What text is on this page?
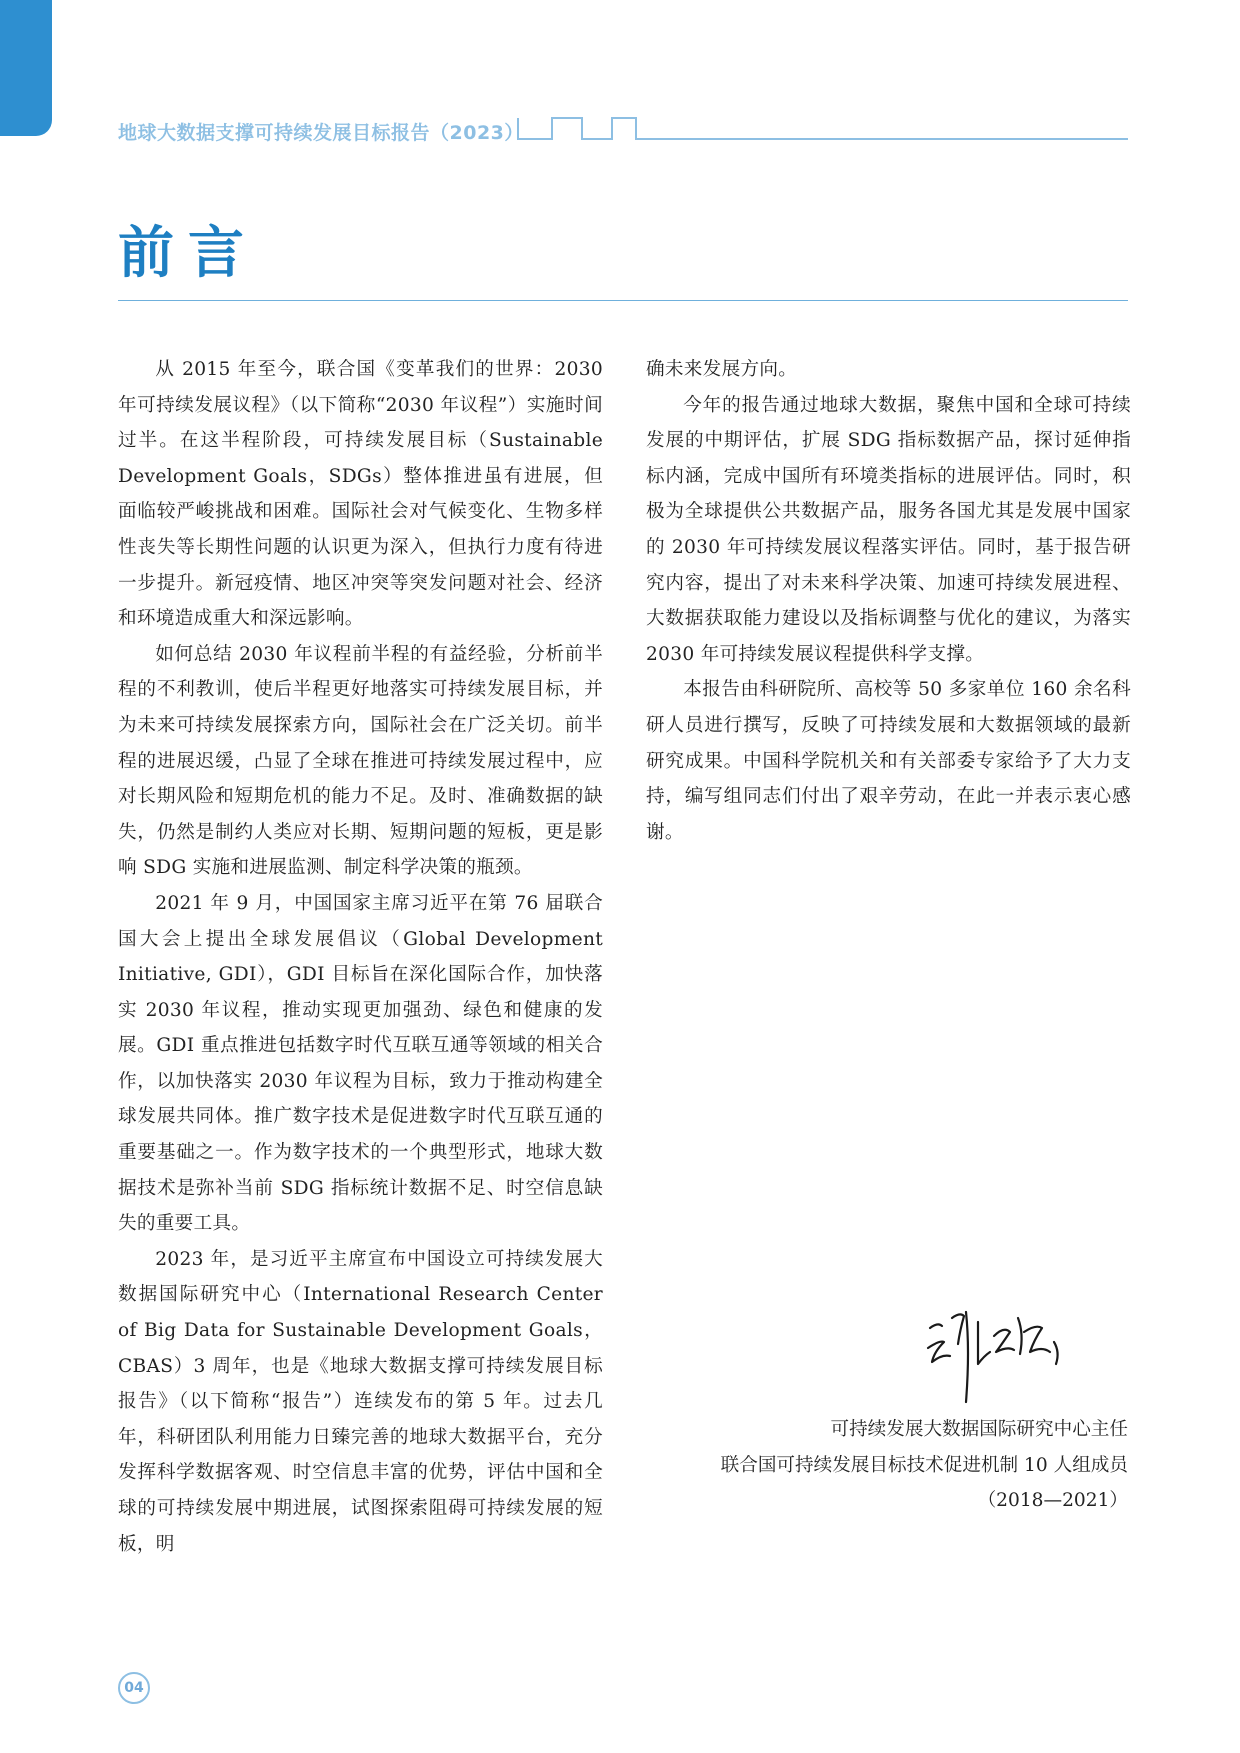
地球大数据支撑可持续发展目标报告（2023）
前言

从 2015 年至今，联合国《变革我们的世界：2030 年可持续发展议程》（以下简称“2030 年议程”）实施时间过半。在这半程阶段，可持续发展目标（Sustainable Development Goals，SDGs）整体推进虽有进展，但面临较严峻挑战和困难。国际社会对气候变化、生物多样性丧失等长期性问题的认识更为深入，但执行力度有待进一步提升。新冠疫情、地区冲突等突发问题对社会、经济和环境造成重大和深远影响。

如何总结 2030 年议程前半程的有益经验，分析前半程的不利教训，使后半程更好地落实可持续发展目标，并为未来可持续发展探索方向，国际社会在广泛关切。前半程的进展迟缓，凸显了全球在推进可持续发展过程中，应对长期风险和短期危机的能力不足。及时、准确数据的缺失，仍然是制约人类应对长期、短期问题的短板，更是影响 SDG 实施和进展监测、制定科学决策的瓶颈。

2021 年 9 月，中国国家主席习近平在第 76 届联合国大会上提出全球发展倡议（Global Development Initiative, GDI），GDI 目标旨在深化国际合作，加快落实 2030 年议程，推动实现更加强劲、绿色和健康的发展。GDI 重点推进包括数字时代互联互通等领域的相关合作，以加快落实 2030 年议程为目标，致力于推动构建全球发展共同体。推广数字技术是促进数字时代互联互通的重要基础之一。作为数字技术的一个典型形式，地球大数据技术是弥补当前 SDG 指标统计数据不足、时空信息缺失的重要工具。

2023 年，是习近平主席宣布中国设立可持续发展大数据国际研究中心（International Research Center of Big Data for Sustainable Development Goals，CBAS）3 周年，也是《地球大数据支撑可持续发展目标报告》（以下简称“报告”）连续发布的第 5 年。过去几年，科研团队利用能力日臻完善的地球大数据平台，充分发挥科学数据客观、时空信息丰富的优势，评估中国和全球的可持续发展中期进展，试图探索阻碍可持续发展的短板，明

确未来发展方向。

今年的报告通过地球大数据，聚焦中国和全球可持续发展的中期评估，扩展 SDG 指标数据产品，探讨延伸指标内涵，完成中国所有环境类指标的进展评估。同时，积极为全球提供公共数据产品，服务各国尤其是发展中国家的 2030 年可持续发展议程落实评估。同时，基于报告研究内容，提出了对未来科学决策、加速可持续发展进程、大数据获取能力建设以及指标调整与优化的建议，为落实 2030 年可持续发展议程提供科学支撑。

本报告由科研院所、高校等 50 多家单位 160 余名科研人员进行撰写，反映了可持续发展和大数据领域的最新研究成果。中国科学院机关和有关部委专家给予了大力支持，编写组同志们付出了艰辛劳动，在此一并表示衷心感谢。

可持续发展大数据国际研究中心主任
联合国可持续发展目标技术促进机制 10 人组成员
（2018—2021）
04
